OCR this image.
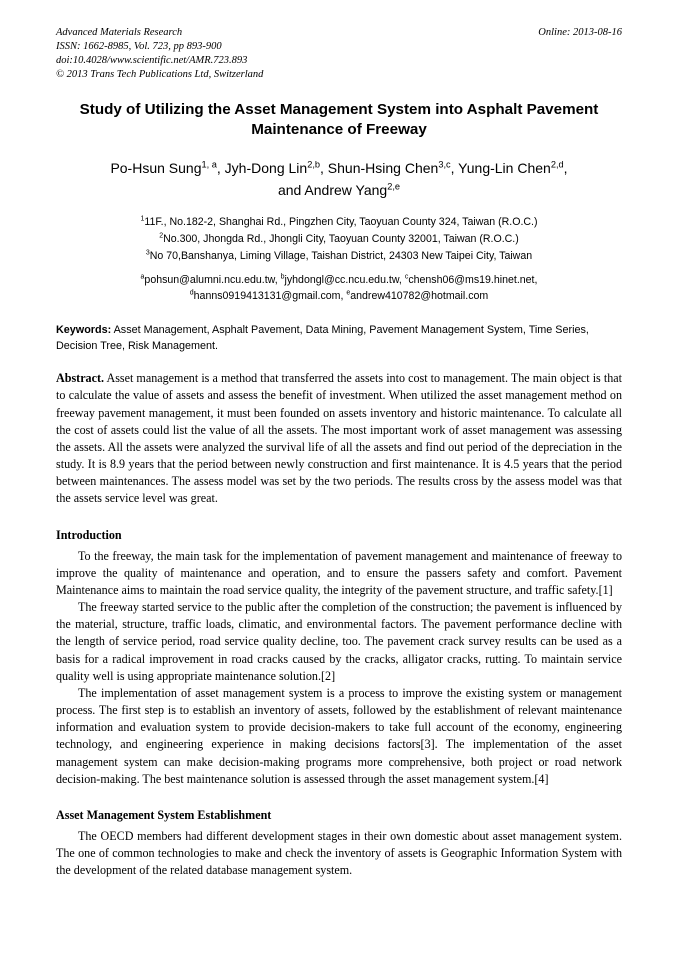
Advanced Materials Research
ISSN: 1662-8985, Vol. 723, pp 893-900
doi:10.4028/www.scientific.net/AMR.723.893
© 2013 Trans Tech Publications Ltd, Switzerland
Online: 2013-08-16
Study of Utilizing the Asset Management System into Asphalt Pavement Maintenance of Freeway
Po-Hsun Sung$^{1, a}$, Jyh-Dong Lin$^{2,b}$, Shun-Hsing Chen$^{3,c}$, Yung-Lin Chen$^{2,d}$,
and Andrew Yang$^{2,e}$
$^1$11F., No.182-2, Shanghai Rd., Pingzhen City, Taoyuan County 324, Taiwan (R.O.C.)
$^2$No.300, Jhongda Rd., Jhongli City, Taoyuan County 32001, Taiwan (R.O.C.)
$^3$No 70,Banshanya, Liming Village, Taishan District, 24303 New Taipei City, Taiwan
$^a$pohsun@alumni.ncu.edu.tw, $^b$jyhdongl@cc.ncu.edu.tw, $^c$chensh06@ms19.hinet.net,
$^d$hanns0919413131@gmail.com, $^e$andrew410782@hotmail.com
Keywords: Asset Management, Asphalt Pavement, Data Mining, Pavement Management System, Time Series, Decision Tree, Risk Management.
Abstract. Asset management is a method that transferred the assets into cost to management. The main object is that to calculate the value of assets and assess the benefit of investment. When utilized the asset management method on freeway pavement management, it must been founded on assets inventory and historic maintenance. To calculate all the cost of assets could list the value of all the assets. The most important work of asset management was assessing the assets. All the assets were analyzed the survival life of all the assets and find out period of the depreciation in the study. It is 8.9 years that the period between newly construction and first maintenance. It is 4.5 years that the period between maintenances. The assess model was set by the two periods. The results cross by the assess model was that the assets service level was great.
Introduction

To the freeway, the main task for the implementation of pavement management and maintenance of freeway to improve the quality of maintenance and operation, and to ensure the passers safety and comfort. Pavement Maintenance aims to maintain the road service quality, the integrity of the pavement structure, and traffic safety.[1]

The freeway started service to the public after the completion of the construction; the pavement is influenced by the material, structure, traffic loads, climatic, and environmental factors. The pavement performance decline with the length of service period, road service quality decline, too. The pavement crack survey results can be used as a basis for a radical improvement in road cracks caused by the cracks, alligator cracks, rutting. To maintain service quality well is using appropriate maintenance solution.[2]

The implementation of asset management system is a process to improve the existing system or management process. The first step is to establish an inventory of assets, followed by the establishment of relevant maintenance information and evaluation system to provide decision-makers to take full account of the economy, engineering technology, and engineering experience in making decisions factors[3]. The implementation of the asset management system can make decision-making programs more comprehensive, both project or road network decision-making. The best maintenance solution is assessed through the asset management system.[4]

Asset Management System Establishment

The OECD members had different development stages in their own domestic about asset management system. The one of common technologies to make and check the inventory of assets is Geographic Information System with the development of the related database management system.
